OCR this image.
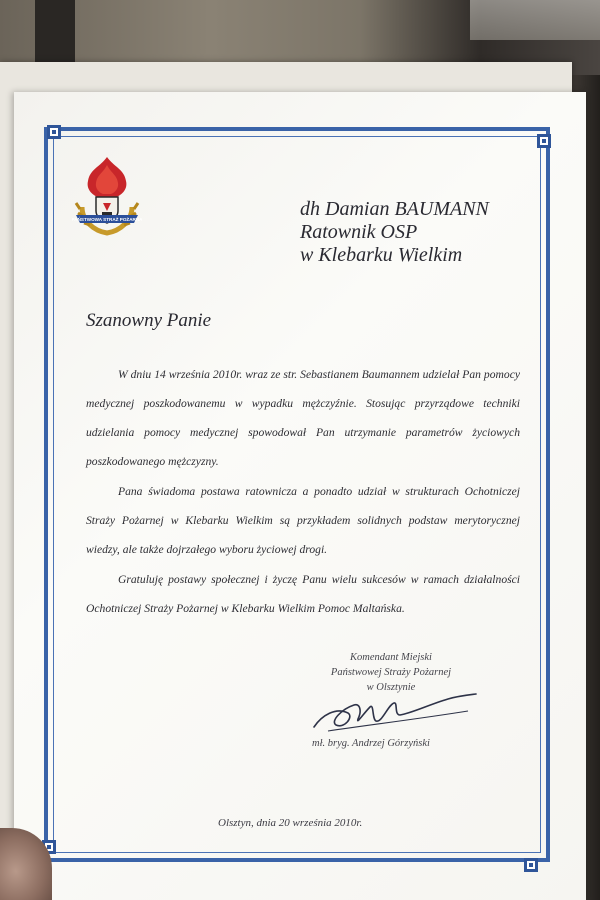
PAŃSTWOWA STRAŻ POŻARNA	dh Damian BAUMANN
Ratownik OSP
w Klebarku Wielkim
Szanowny Panie

W dniu 14 września 2010r. wraz ze str. Sebastianem Baumannem udzielał Pan pomocy medycznej poszkodowanemu w wypadku mężczyźnie. Stosując przyrządowe techniki udzielania pomocy medycznej spowodował Pan utrzymanie parametrów życiowych poszkodowanego mężczyzny.

Pana świadoma postawa ratownicza a ponadto udział w strukturach Ochotniczej Straży Pożarnej w Klebarku Wielkim są przykładem solidnych podstaw merytorycznej wiedzy, ale także dojrzałego wyboru życiowej drogi.

Gratuluję postawy społecznej i życzę Panu wielu sukcesów w ramach działalności Ochotniczej Straży Pożarnej w Klebarku Wielkim Pomoc Maltańska.

Komendant Miejski
Państwowej Straży Pożarnej
w Olsztynie
mł. bryg. Andrzej Górzyński
Olsztyn, dnia 20 września 2010r.
